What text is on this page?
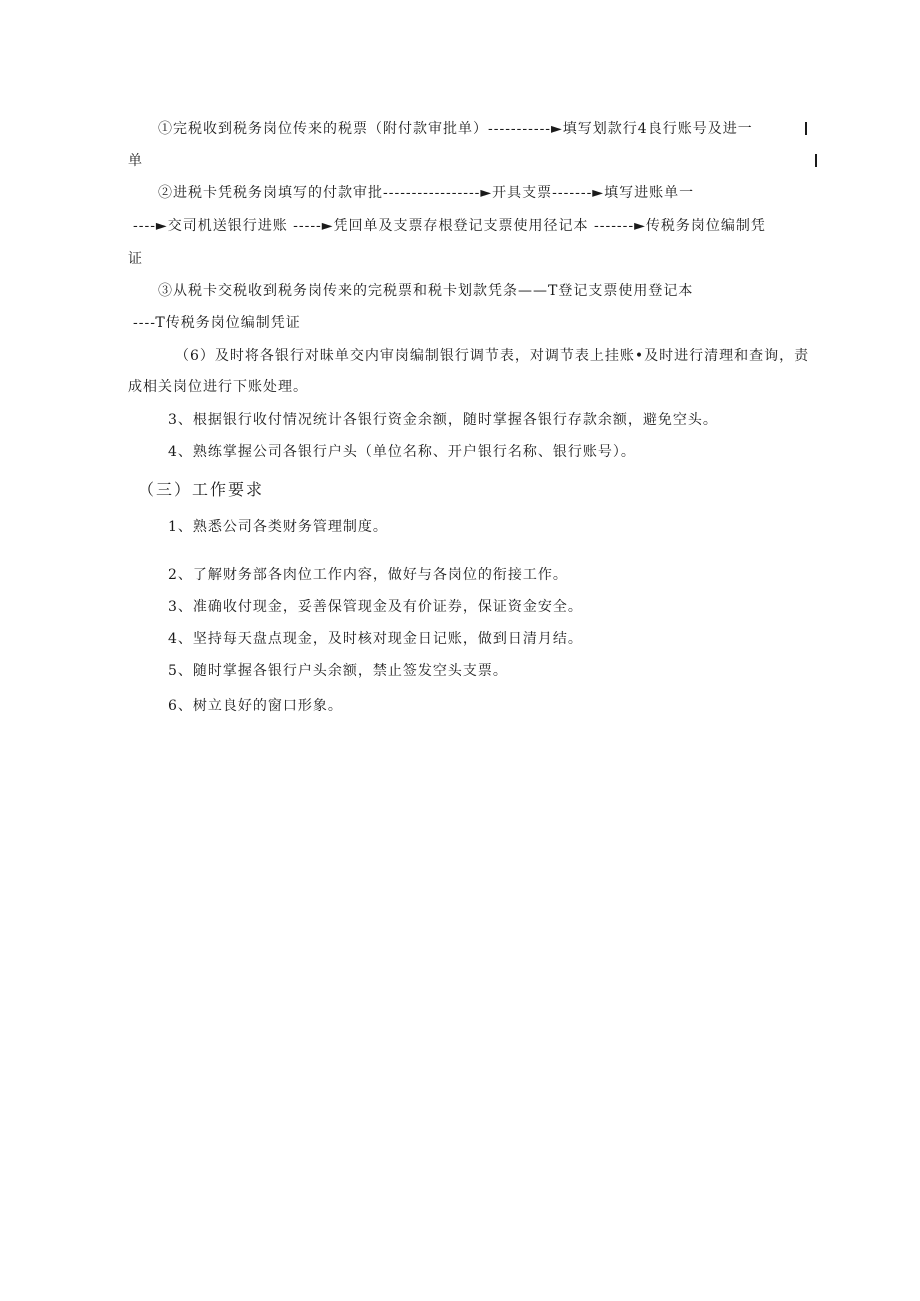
①完税收到税务岗位传来的税票（附付款审批单）-----------►填写划款行4良行账号及进一
单
②进税卡凭税务岗填写的付款审批-----------------►开具支票-------►填写进账单一
----►交司机送银行进账 -----►凭回单及支票存根登记支票使用径记本 -------►传税务岗位编制凭
证
③从税卡交税收到税务岗传来的完税票和税卡划款凭条——T登记支票使用登记本
----T传税务岗位编制凭证
（6）及时将各银行对昧单交内审岗编制银行调节表，对调节表上挂账•及时进行清理和查询，责
成相关岗位进行下账处理。
3、根据银行收付情况统计各银行资金余额，随时掌握各银行存款余额，避免空头。
4、熟练掌握公司各银行户头（单位名称、开户银行名称、银行账号）。
（三）工作要求
1、熟悉公司各类财务管理制度。
2、了解财务部各肉位工作内容，做好与各岗位的衔接工作。
3、准确收付现金，妥善保管现金及有价证券，保证资金安全。
4、坚持每天盘点现金，及时核对现金日记账，做到日清月结。
5、随时掌握各银行户头余额，禁止签发空头支票。
6、树立良好的窗口形象。
